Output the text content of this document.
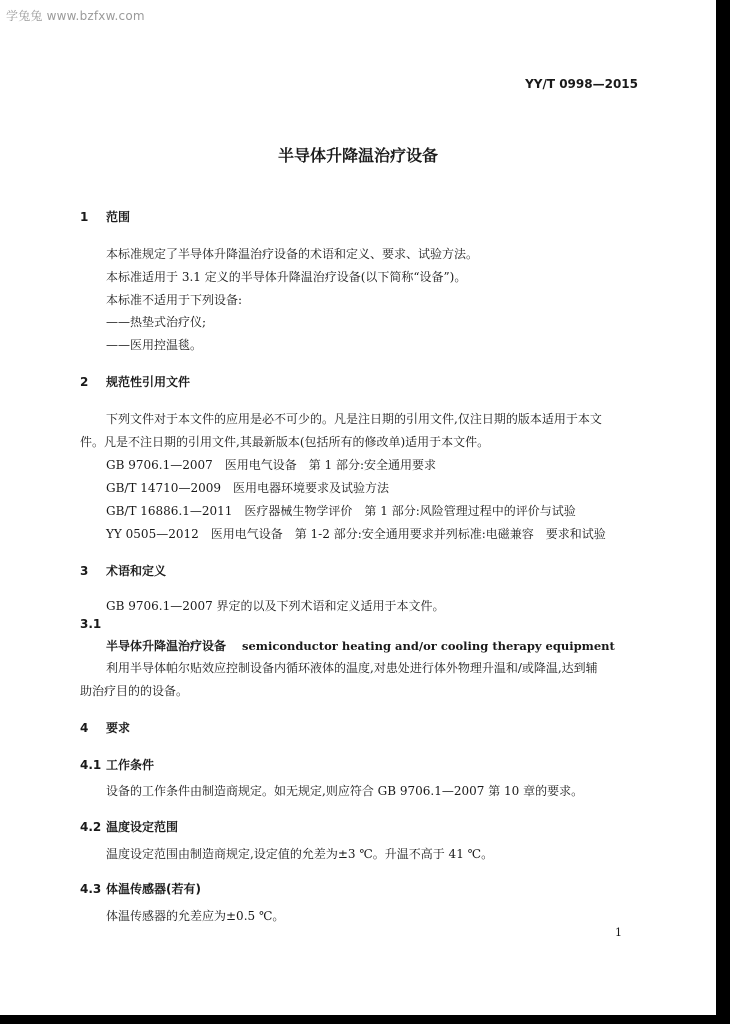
学兔兔 www.bzfxw.com
YY/T 0998—2015
半导体升降温治疗设备
1 范围
本标准规定了半导体升降温治疗设备的术语和定义、要求、试验方法。
本标准适用于 3.1 定义的半导体升降温治疗设备(以下简称“设备”)。
本标准不适用于下列设备:
——热垫式治疗仪;
——医用控温毯。
2 规范性引用文件
下列文件对于本文件的应用是必不可少的。凡是注日期的引用文件,仅注日期的版本适用于本文
件。凡是不注日期的引用文件,其最新版本(包括所有的修改单)适用于本文件。
GB 9706.1—2007　医用电气设备　第 1 部分:安全通用要求
GB/T 14710—2009　医用电器环境要求及试验方法
GB/T 16886.1—2011　医疗器械生物学评价　第 1 部分:风险管理过程中的评价与试验
YY 0505—2012　医用电气设备　第 1-2 部分:安全通用要求并列标准:电磁兼容　要求和试验
3 术语和定义
GB 9706.1—2007 界定的以及下列术语和定义适用于本文件。
3.1
半导体升降温治疗设备 semiconductor heating and/or cooling therapy equipment
利用半导体帕尔贴效应控制设备内循环液体的温度,对患处进行体外物理升温和/或降温,达到辅
助治疗目的的设备。
4 要求
4.1 工作条件
设备的工作条件由制造商规定。如无规定,则应符合 GB 9706.1—2007 第 10 章的要求。
4.2 温度设定范围
温度设定范围由制造商规定,设定值的允差为±3 ℃。升温不高于 41 ℃。
4.3 体温传感器(若有)
体温传感器的允差应为±0.5 ℃。
1
